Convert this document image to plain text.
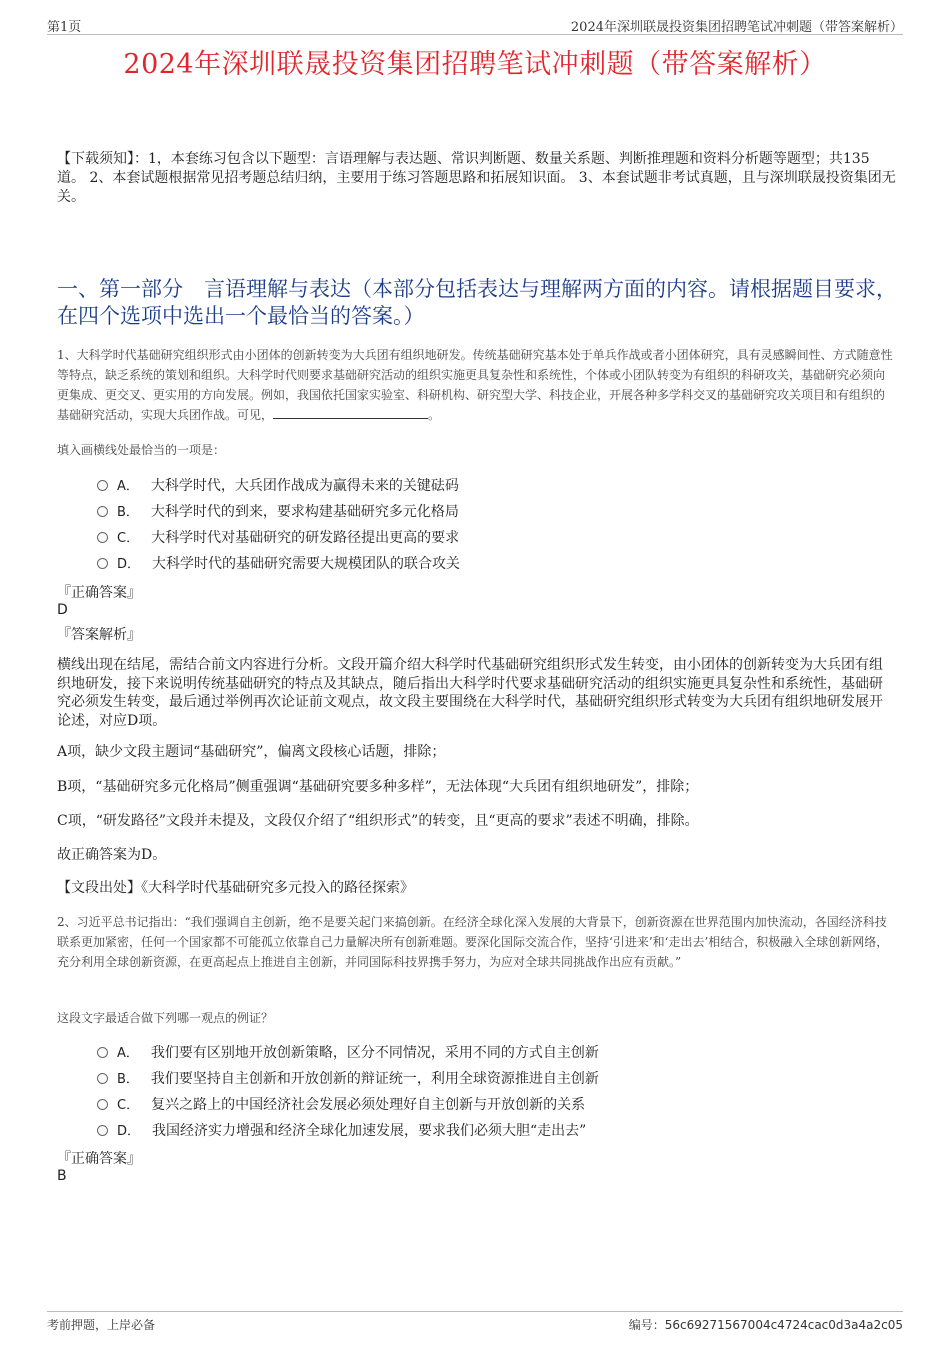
第1页	2024年深圳联晟投资集团招聘笔试冲刺题（带答案解析）
2024年深圳联晟投资集团招聘笔试冲刺题（带答案解析）
【下载须知】：1，本套练习包含以下题型：言语理解与表达题、常识判断题、数量关系题、判断推理题和资料分析题等题型；共135道。 2、本套试题根据常见招考题总结归纳，主要用于练习答题思路和拓展知识面。 3、本套试题非考试真题，且与深圳联晟投资集团无关。
一、第一部分　言语理解与表达（本部分包括表达与理解两方面的内容。请根据题目要求，在四个选项中选出一个最恰当的答案。）
1、大科学时代基础研究组织形式由小团体的创新转变为大兵团有组织地研发。传统基础研究基本处于单兵作战或者小团体研究，具有灵感瞬间性、方式随意性等特点，缺乏系统的策划和组织。大科学时代则要求基础研究活动的组织实施更具复杂性和系统性，个体或小团队转变为有组织的科研攻关，基础研究必须向更集成、更交叉、更实用的方向发展。例如，我国依托国家实验室、科研机构、研究型大学、科技企业，开展各种多学科交叉的基础研究攻关项目和有组织的基础研究活动，实现大兵团作战。可见，	。
填入画横线处最恰当的一项是：
A． 大科学时代，大兵团作战成为赢得未来的关键砝码
B． 大科学时代的到来，要求构建基础研究多元化格局
C． 大科学时代对基础研究的研发路径提出更高的要求
D． 大科学时代的基础研究需要大规模团队的联合攻关
『正确答案』
D
『答案解析』
横线出现在结尾，需结合前文内容进行分析。文段开篇介绍大科学时代基础研究组织形式发生转变，由小团体的创新转变为大兵团有组织地研发，接下来说明传统基础研究的特点及其缺点，随后指出大科学时代要求基础研究活动的组织实施更具复杂性和系统性，基础研究必须发生转变，最后通过举例再次论证前文观点，故文段主要围绕在大科学时代，基础研究组织形式转变为大兵团有组织地研发展开论述，对应D项。
A项，缺少文段主题词“基础研究”，偏离文段核心话题，排除；
B项，“基础研究多元化格局”侧重强调“基础研究要多种多样”，无法体现“大兵团有组织地研发”，排除；
C项，“研发路径”文段并未提及，文段仅介绍了“组织形式”的转变，且“更高的要求”表述不明确，排除。
故正确答案为D。
【文段出处】《大科学时代基础研究多元投入的路径探索》
2、习近平总书记指出：“我们强调自主创新，绝不是要关起门来搞创新。在经济全球化深入发展的大背景下，创新资源在世界范围内加快流动，各国经济科技联系更加紧密，任何一个国家都不可能孤立依靠自己力量解决所有创新难题。要深化国际交流合作，坚持‘引进来’和‘走出去’相结合，积极融入全球创新网络，充分利用全球创新资源，在更高起点上推进自主创新，并同国际科技界携手努力，为应对全球共同挑战作出应有贡献。”
这段文字最适合做下列哪一观点的例证？
A． 我们要有区别地开放创新策略，区分不同情况，采用不同的方式自主创新
B． 我们要坚持自主创新和开放创新的辩证统一，利用全球资源推进自主创新
C． 复兴之路上的中国经济社会发展必须处理好自主创新与开放创新的关系
D． 我国经济实力增强和经济全球化加速发展，要求我们必须大胆“走出去”
『正确答案』
B
考前押题，上岸必备	编号：56c69271567004c4724cac0d3a4a2c05
